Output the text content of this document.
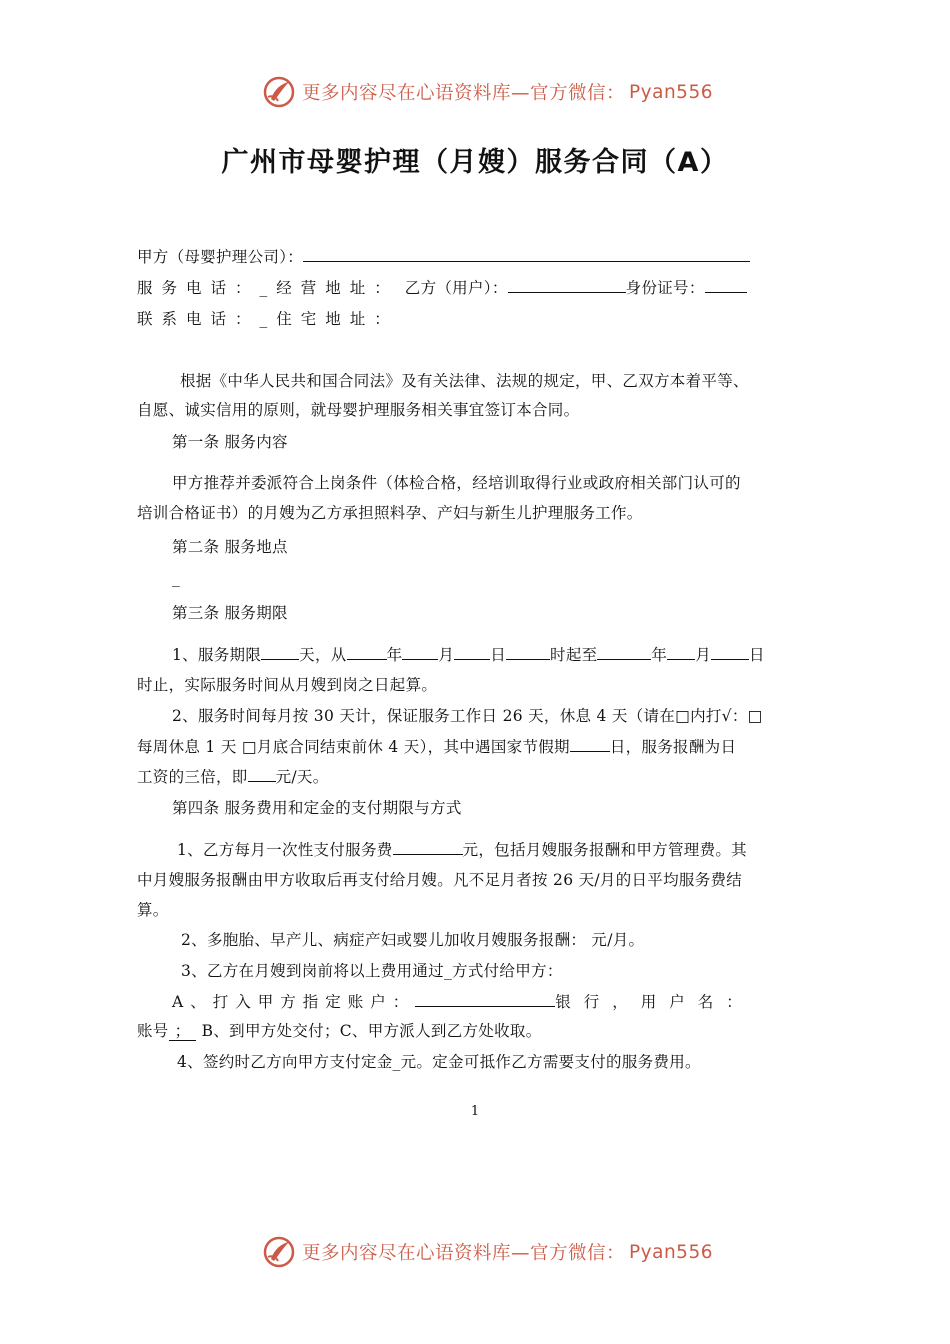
更多内容尽在心语资料库—官方微信： Pyan556
广州市母婴护理（月嫂）服务合同（A）
甲方（母婴护理公司）：
服务电话：_经营地址： 乙方（用户）：	身份证号：
联系电话：_住宅地址：
根据《中华人民共和国合同法》及有关法律、法规的规定，甲、乙双方本着平等、
自愿、诚实信用的原则，就母婴护理服务相关事宜签订本合同。
第一条 服务内容
甲方推荐并委派符合上岗条件（体检合格，经培训取得行业或政府相关部门认可的
培训合格证书）的月嫂为乙方承担照料孕、产妇与新生儿护理服务工作。
第二条 服务地点
_
第三条 服务期限
1、服务期限 天，从	年 月 日	时起至	年 月 日
时止，实际服务时间从月嫂到岗之日起算。
2、服务时间每月按 30 天计，保证服务工作日 26 天，休息 4 天（请在□内打√：□
每周休息 1 天 □月底合同结束前休 4 天），其中遇国家节假期	日，服务报酬为日
工资的三倍，即 元/天。
第四条 服务费用和定金的支付期限与方式
1、乙方每月一次性支付服务费	元，包括月嫂服务报酬和甲方管理费。其
中月嫂服务报酬由甲方收取后再支付给月嫂。凡不足月者按 26 天/月的日平均服务费结
算。
2、多胞胎、早产儿、病症产妇或婴儿加收月嫂服务报酬： 元/月。
3、乙方在月嫂到岗前将以上费用通过_方式付给甲方：
A、打入甲方指定账户：	银行，用户名：
账号 ； B、到甲方处交付；C、甲方派人到乙方处收取。
4、签约时乙方向甲方支付定金_元。定金可抵作乙方需要支付的服务费用。
1
更多内容尽在心语资料库—官方微信： Pyan556
